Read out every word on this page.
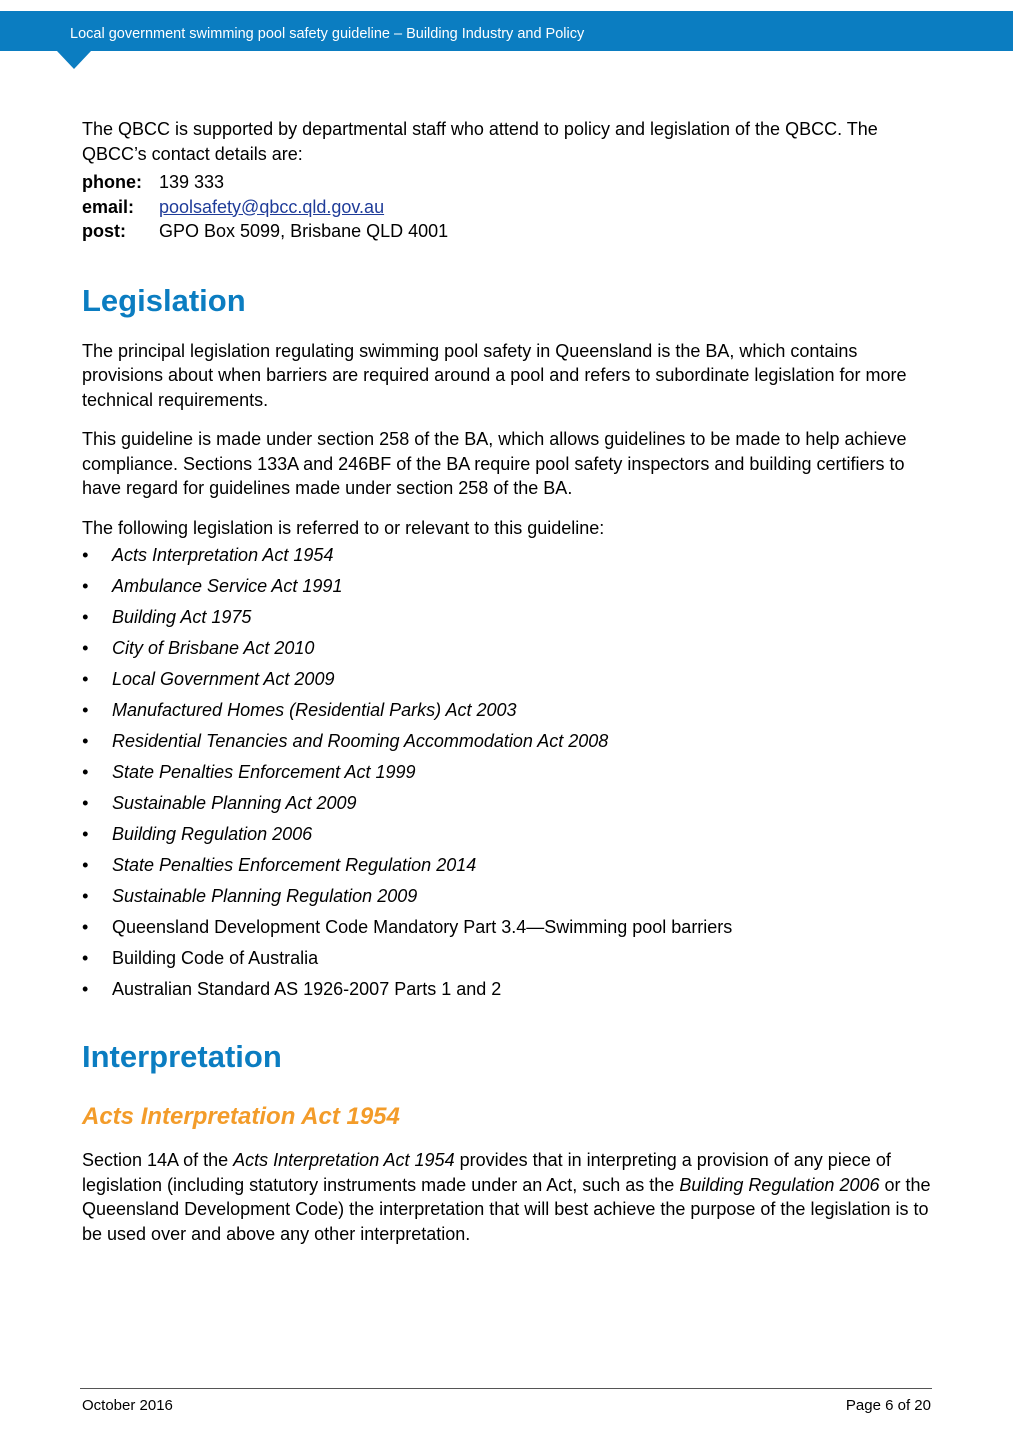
Local government swimming pool safety guideline – Building Industry and Policy

The QBCC is supported by departmental staff who attend to policy and legislation of the QBCC. The QBCC’s contact details are:

phone: 139 333
email:	poolsafety@qbcc.qld.gov.au
post:	GPO Box 5099, Brisbane QLD 4001
Legislation

The principal legislation regulating swimming pool safety in Queensland is the BA, which contains provisions about when barriers are required around a pool and refers to subordinate legislation for more technical requirements.

This guideline is made under section 258 of the BA, which allows guidelines to be made to help achieve compliance. Sections 133A and 246BF of the BA require pool safety inspectors and building certifiers to have regard for guidelines made under section 258 of the BA.

The following legislation is referred to or relevant to this guideline:

• Acts Interpretation Act 1954
• Ambulance Service Act 1991
• Building Act 1975
• City of Brisbane Act 2010
• Local Government Act 2009
• Manufactured Homes (Residential Parks) Act 2003
• Residential Tenancies and Rooming Accommodation Act 2008
• State Penalties Enforcement Act 1999
• Sustainable Planning Act 2009
• Building Regulation 2006
• State Penalties Enforcement Regulation 2014
• Sustainable Planning Regulation 2009
• Queensland Development Code Mandatory Part 3.4—Swimming pool barriers
• Building Code of Australia
• Australian Standard AS 1926-2007 Parts 1 and 2
Interpretation
Acts Interpretation Act 1954

Section 14A of the Acts Interpretation Act 1954 provides that in interpreting a provision of any piece of legislation (including statutory instruments made under an Act, such as the Building Regulation 2006 or the Queensland Development Code) the interpretation that will best achieve the purpose of the legislation is to be used over and above any other interpretation.

October 2016	Page 6 of 20
